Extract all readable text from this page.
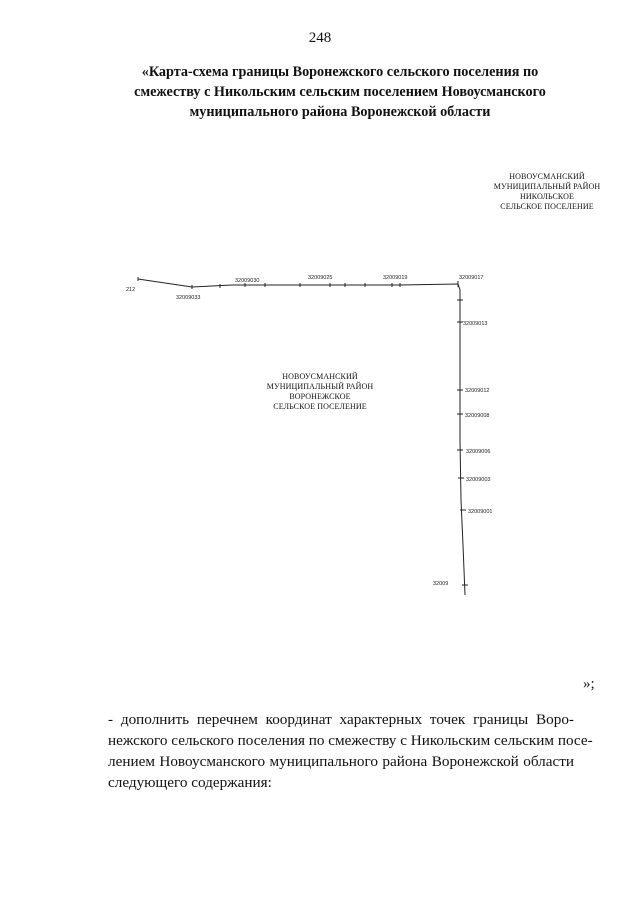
248
«Карта-схема границы Воронежского сельского поселения по
смежеству с Никольским сельским поселением Новоусманского
муниципального района Воронежской области
НОВОУСМАНСКИЙ
МУНИЦИПАЛЬНЫЙ РАЙОН
НИКОЛЬСКОЕ
СЕЛЬСКОЕ ПОСЕЛЕНИЕ
НОВОУСМАНСКИЙ
МУНИЦИПАЛЬНЫЙ РАЙОН
ВОРОНЕЖСКОЕ
СЕЛЬСКОЕ ПОСЕЛЕНИЕ
212
32009033
32009030	32009025	32009019	32009017
32009013
32009012
32009008
32009006
32009003
32009001
32009
»;
- дополнить перечнем координат характерных точек границы Воро-
нежского сельского поселения по смежеству с Никольским сельским посе-
лением Новоусманского муниципального района Воронежской области
следующего содержания:
